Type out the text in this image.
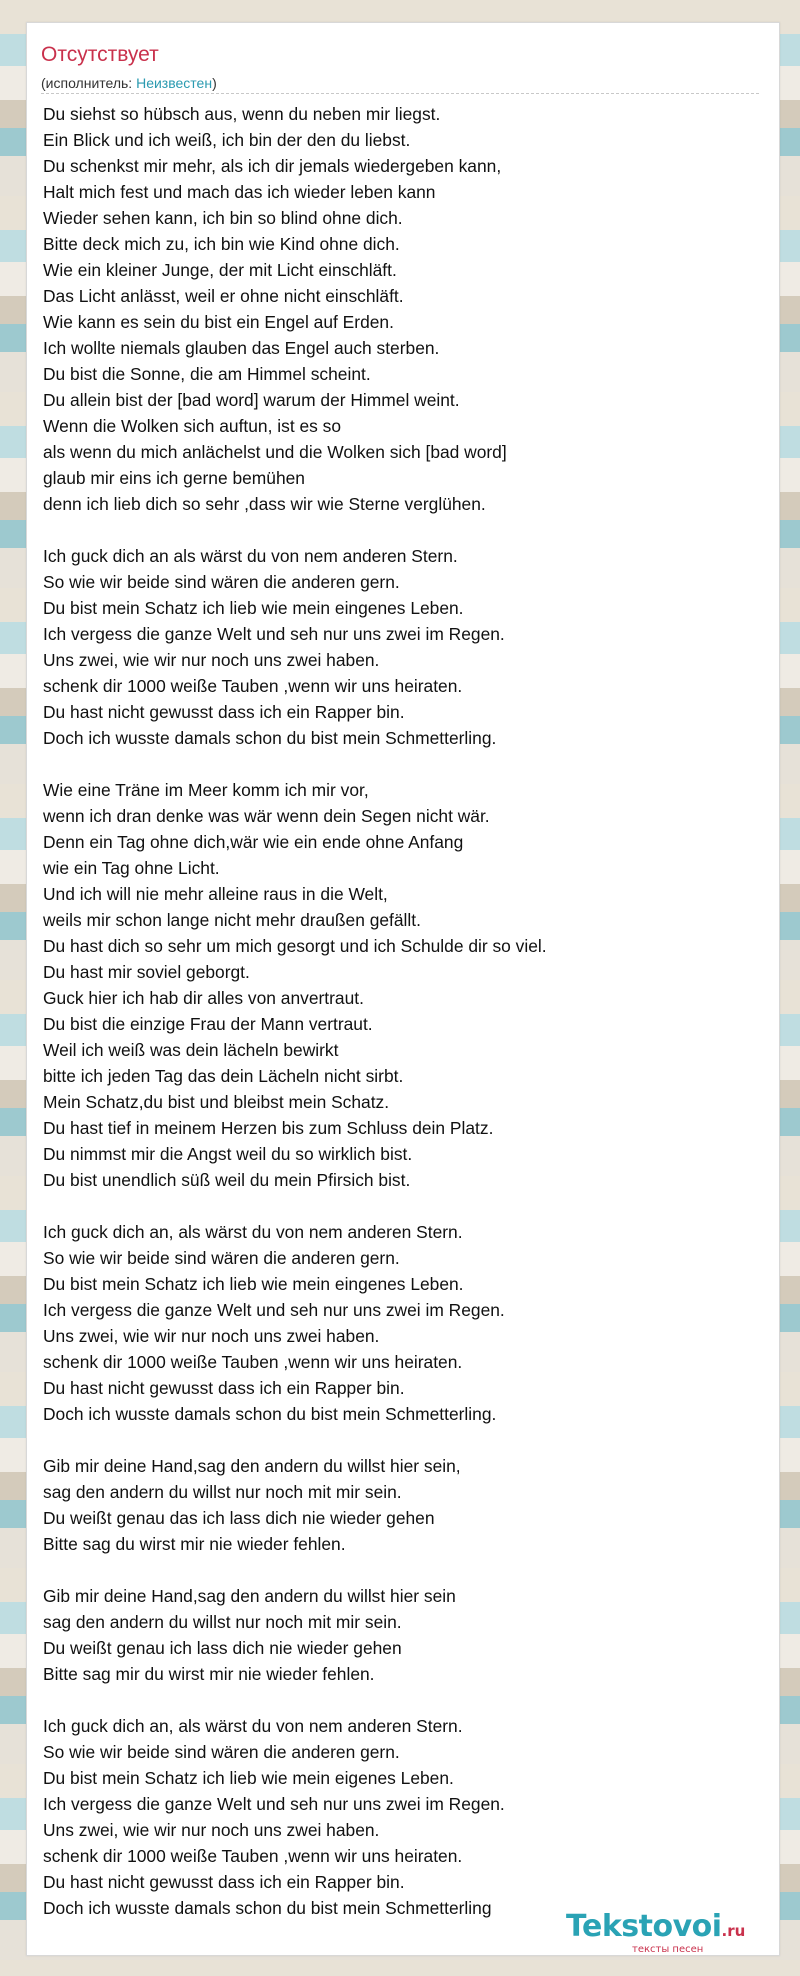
Отсутствует
(исполнитель: Неизвестен)
Du siehst so hübsch aus, wenn du neben mir liegst.
Ein Blick und ich weiß, ich bin der den du liebst.
Du schenkst mir mehr, als ich dir jemals wiedergeben kann,
Halt mich fest und mach das ich wieder leben kann
Wieder sehen kann, ich bin so blind ohne dich.
Bitte deck mich zu, ich bin wie Kind ohne dich.
Wie ein kleiner Junge, der mit Licht einschläft.
Das Licht anlässt, weil er ohne nicht einschläft.
Wie kann es sein du bist ein Engel auf Erden.
Ich wollte niemals glauben das Engel auch sterben.
Du bist die Sonne, die am Himmel scheint.
Du allein bist der [bad word] warum der Himmel weint.
Wenn die Wolken sich auftun, ist es so
als wenn du mich anlächelst und die Wolken sich [bad word]
glaub mir eins ich gerne bemühen
denn ich lieb dich so sehr ,dass wir wie Sterne verglühen.
Ich guck dich an als wärst du von nem anderen Stern.
So wie wir beide sind wären die anderen gern.
Du bist mein Schatz ich lieb wie mein eingenes Leben.
Ich vergess die ganze Welt und seh nur uns zwei im Regen.
Uns zwei, wie wir nur noch uns zwei haben.
schenk dir 1000 weiße Tauben ,wenn wir uns heiraten.
Du hast nicht gewusst dass ich ein Rapper bin.
Doch ich wusste damals schon du bist mein Schmetterling.
Wie eine Träne im Meer komm ich mir vor,
wenn ich dran denke was wär wenn dein Segen nicht wär.
Denn ein Tag ohne dich,wär wie ein ende ohne Anfang
wie ein Tag ohne Licht.
Und ich will nie mehr alleine raus in die Welt,
weils mir schon lange nicht mehr draußen gefällt.
Du hast dich so sehr um mich gesorgt und ich Schulde dir so viel.
Du hast mir soviel geborgt.
Guck hier ich hab dir alles von anvertraut.
Du bist die einzige Frau der Mann vertraut.
Weil ich weiß was dein lächeln bewirkt
bitte ich jeden Tag das dein Lächeln nicht sirbt.
Mein Schatz,du bist und bleibst mein Schatz.
Du hast tief in meinem Herzen bis zum Schluss dein Platz.
Du nimmst mir die Angst weil du so wirklich bist.
Du bist unendlich süß weil du mein Pfirsich bist.
Ich guck dich an, als wärst du von nem anderen Stern.
So wie wir beide sind wären die anderen gern.
Du bist mein Schatz ich lieb wie mein eingenes Leben.
Ich vergess die ganze Welt und seh nur uns zwei im Regen.
Uns zwei, wie wir nur noch uns zwei haben.
schenk dir 1000 weiße Tauben ,wenn wir uns heiraten.
Du hast nicht gewusst dass ich ein Rapper bin.
Doch ich wusste damals schon du bist mein Schmetterling.
Gib mir deine Hand,sag den andern du willst hier sein,
sag den andern du willst nur noch mit mir sein.
Du weißt genau das ich lass dich nie wieder gehen
Bitte sag du wirst mir nie wieder fehlen.
Gib mir deine Hand,sag den andern du willst hier sein
sag den andern du willst nur noch mit mir sein.
Du weißt genau ich lass dich nie wieder gehen
Bitte sag mir du wirst mir nie wieder fehlen.
Ich guck dich an, als wärst du von nem anderen Stern.
So wie wir beide sind wären die anderen gern.
Du bist mein Schatz ich lieb wie mein eigenes Leben.
Ich vergess die ganze Welt und seh nur uns zwei im Regen.
Uns zwei, wie wir nur noch uns zwei haben.
schenk dir 1000 weiße Tauben ,wenn wir uns heiraten.
Du hast nicht gewusst dass ich ein Rapper bin.
Doch ich wusste damals schon du bist mein Schmetterling
Tekstovoi.ru
тексты песен
